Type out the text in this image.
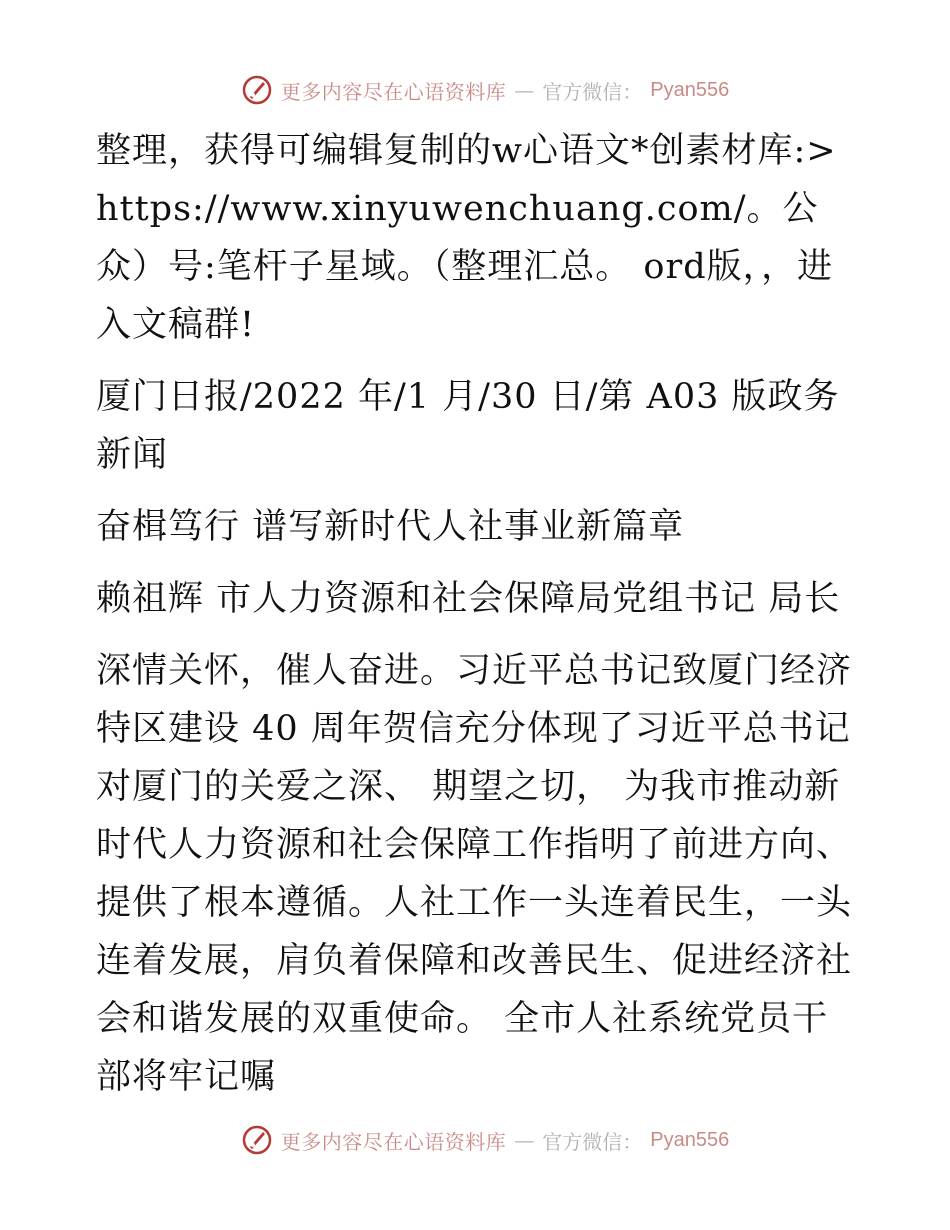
更多内容尽在心语资料库 — 官方微信： Pyan556

整理，获得可编辑复制的w心语文*创素材库:>https://www.xinyuwenchuang.com/。公众）号:笔杆子星域。（整理汇总。 ord版，，进入文稿群!

厦门日报/2022 年/1 月/30 日/第 A03 版政务新闻

奋楫笃行 谱写新时代人社事业新篇章

赖祖辉 市人力资源和社会保障局党组书记 局长

深情关怀，催人奋进。习近平总书记致厦门经济特区建设 40 周年贺信充分体现了习近平总书记对厦门的关爱之深、 期望之切， 为我市推动新时代人力资源和社会保障工作指明了前进方向、提供了根本遵循。人社工作一头连着民生，一头连着发展，肩负着保障和改善民生、促进经济社会和谐发展的双重使命。 全市人社系统党员干部将牢记嘱

更多内容尽在心语资料库 — 官方微信： Pyan556
